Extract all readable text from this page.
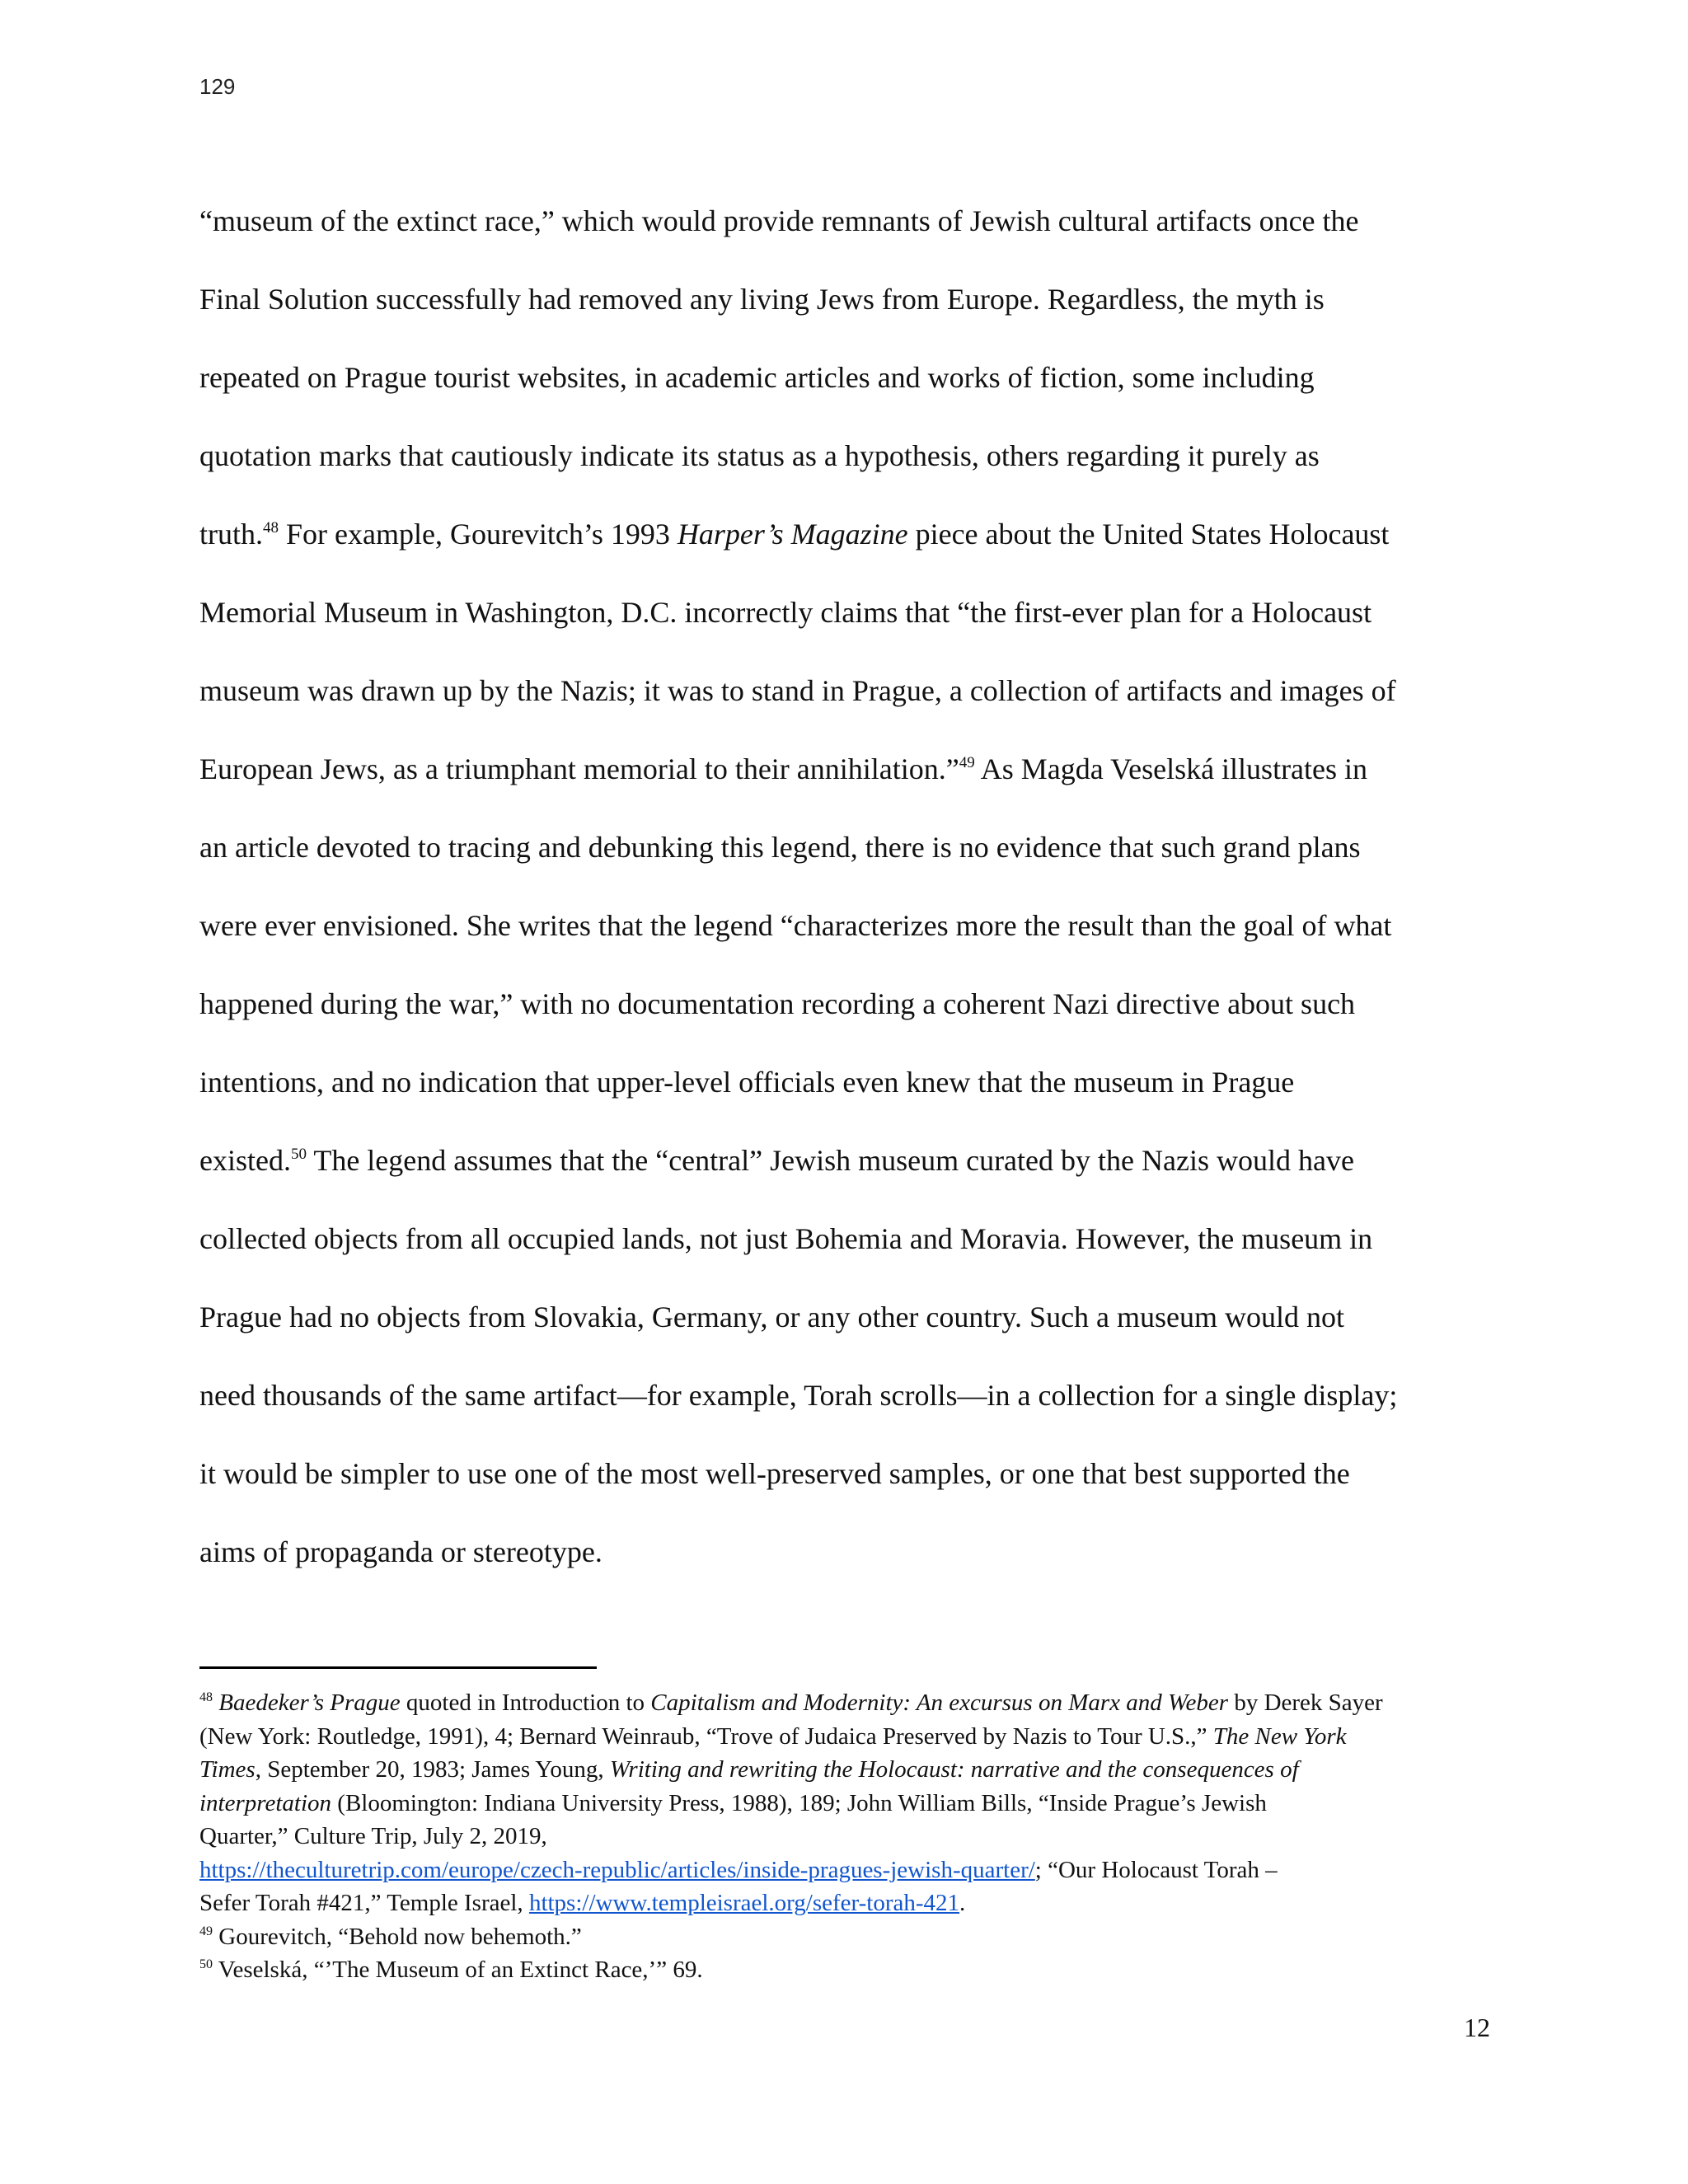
129
“museum of the extinct race,” which would provide remnants of Jewish cultural artifacts once the
Final Solution successfully had removed any living Jews from Europe. Regardless, the myth is
repeated on Prague tourist websites, in academic articles and works of fiction, some including
quotation marks that cautiously indicate its status as a hypothesis, others regarding it purely as
truth.$^{48}$ For example, Gourevitch’s 1993 Harper’s Magazine piece about the United States Holocaust
Memorial Museum in Washington, D.C. incorrectly claims that “the first-ever plan for a Holocaust
museum was drawn up by the Nazis; it was to stand in Prague, a collection of artifacts and images of
European Jews, as a triumphant memorial to their annihilation.”$^{49}$ As Magda Veselská illustrates in
an article devoted to tracing and debunking this legend, there is no evidence that such grand plans
were ever envisioned. She writes that the legend “characterizes more the result than the goal of what
happened during the war,” with no documentation recording a coherent Nazi directive about such
intentions, and no indication that upper-level officials even knew that the museum in Prague
existed.$^{50}$ The legend assumes that the “central” Jewish museum curated by the Nazis would have
collected objects from all occupied lands, not just Bohemia and Moravia. However, the museum in
Prague had no objects from Slovakia, Germany, or any other country. Such a museum would not
need thousands of the same artifact—for example, Torah scrolls—in a collection for a single display;
it would be simpler to use one of the most well-preserved samples, or one that best supported the
aims of propaganda or stereotype.
$^{48}$ Baedeker’s Prague quoted in Introduction to Capitalism and Modernity: An excursus on Marx and Weber by Derek Sayer
(New York: Routledge, 1991), 4; Bernard Weinraub, “Trove of Judaica Preserved by Nazis to Tour U.S.,” The New York
Times, September 20, 1983; James Young, Writing and rewriting the Holocaust: narrative and the consequences of
interpretation (Bloomington: Indiana University Press, 1988), 189; John William Bills, “Inside Prague’s Jewish
Quarter,” Culture Trip, July 2, 2019,
https://theculturetrip.com/europe/czech-republic/articles/inside-pragues-jewish-quarter/; “Our Holocaust Torah –
Sefer Torah #421,” Temple Israel, https://www.templeisrael.org/sefer-torah-421.
$^{49}$ Gourevitch, “Behold now behemoth.”
$^{50}$ Veselská, “’The Museum of an Extinct Race,’” 69.
12
